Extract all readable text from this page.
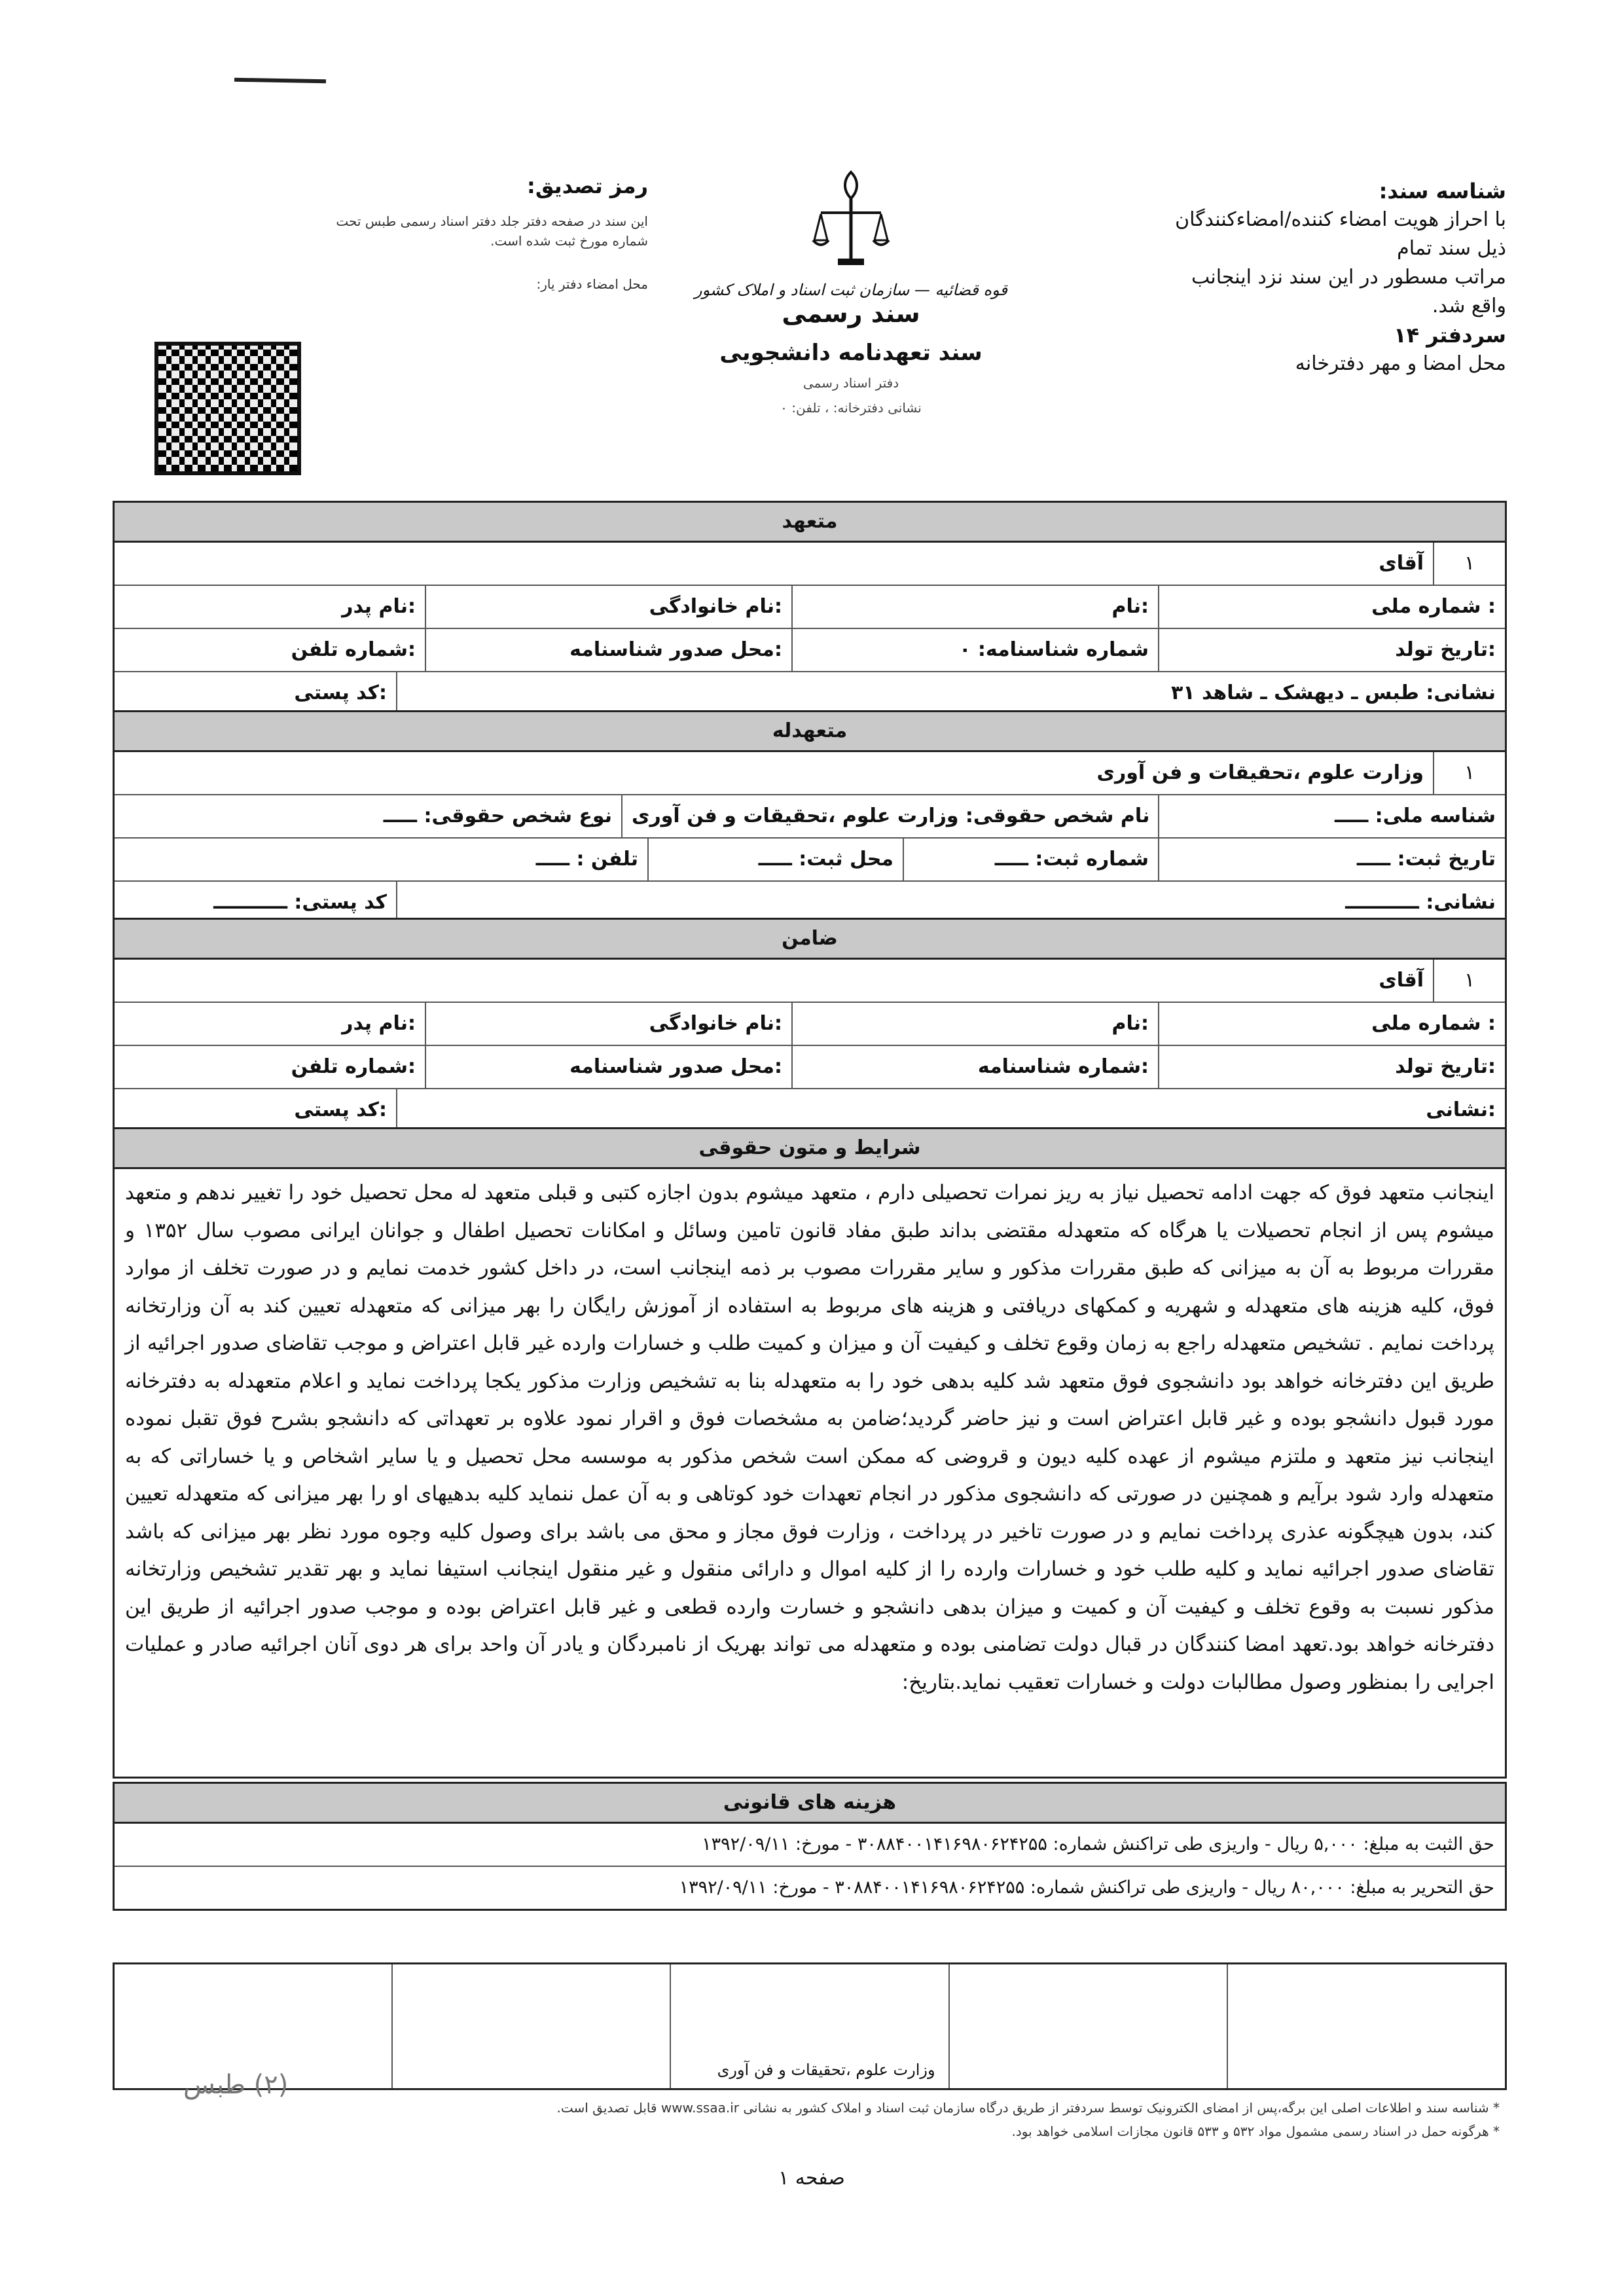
شناسه سند:
با احراز هویت امضاء کننده/امضاءکنندگان ذیل سند تمام
مراتب مسطور در این سند نزد اینجانب واقع شد.
سردفتر ۱۴
محل امضا و مهر دفترخانه
رمز تصدیق:
این سند در صفحه دفتر جلد دفتر اسناد رسمی طبس تحت
شماره مورخ ثبت شده است.
محل امضاء دفتر یار:	قوه قضائیه — سازمان ثبت اسناد و املاک کشور
سند رسمی
سند تعهدنامه دانشجویی
دفتر اسناد رسمی
نشانی دفترخانه: ، تلفن: ۰
متعهد
۱
آقای
شماره ملی :
نام:
نام خانوادگی:
نام پدر:
تاریخ تولد:
شماره شناسنامه: ۰
محل صدور شناسنامه:
شماره تلفن:
نشانی: طبس ـ دیهشک ـ شاهد ۳۱
کد پستی:
متعهدله
۱
وزارت علوم ،تحقیقات و فن آوری
شناسه ملی: ـــــ
نام شخص حقوقی: وزارت علوم ،تحقیقات و فن آوری
نوع شخص حقوقی: ـــــ
تاریخ ثبت: ـــــ
شماره ثبت: ـــــ
محل ثبت: ـــــ
تلفن : ـــــ
نشانی: ـــــــــــ
کد پستی: ـــــــــــ
ضامن
۱
آقای
شماره ملی :
نام:
نام خانوادگی:
نام پدر:
تاریخ تولد:
شماره شناسنامه:
محل صدور شناسنامه:
شماره تلفن:
نشانی:
کد پستی:
شرایط و متون حقوقی
اینجانب متعهد فوق که جهت ادامه تحصیل نیاز به ریز نمرات تحصیلی دارم ، متعهد میشوم بدون اجازه کتبی و قبلی متعهد له محل تحصیل خود را تغییر ندهم و متعهد میشوم پس از انجام تحصیلات یا هرگاه که متعهدله مقتضی بداند طبق مفاد قانون تامین وسائل و امکانات تحصیل اطفال و جوانان ایرانی مصوب سال ۱۳۵۲ و مقررات مربوط به آن به میزانی که طبق مقررات مذکور و سایر مقررات مصوب بر ذمه اینجانب است، در داخل کشور خدمت نمایم و در صورت تخلف از موارد فوق، کلیه هزینه های متعهدله و شهریه و کمکهای دریافتی و هزینه های مربوط به استفاده از آموزش رایگان را بهر میزانی که متعهدله تعیین کند به آن وزارتخانه پرداخت نمایم . تشخیص متعهدله راجع به زمان وقوع تخلف و کیفیت آن و میزان و کمیت طلب و خسارات وارده غیر قابل اعتراض و موجب تقاضای صدور اجرائیه از طریق این دفترخانه خواهد بود دانشجوی فوق متعهد شد کلیه بدهی خود را به متعهدله بنا به تشخیص وزارت مذکور یکجا پرداخت نماید و اعلام متعهدله به دفترخانه مورد قبول دانشجو بوده و غیر قابل اعتراض است و نیز حاضر گردید؛ضامن به مشخصات فوق و اقرار نمود علاوه بر تعهداتی که دانشجو بشرح فوق تقبل نموده اینجانب نیز متعهد و ملتزم میشوم از عهده کلیه دیون و قروضی که ممکن است شخص مذکور به موسسه محل تحصیل و یا سایر اشخاص و یا خساراتی که به متعهدله وارد شود برآیم و همچنین در صورتی که دانشجوی مذکور در انجام تعهدات خود کوتاهی و به آن عمل ننماید کلیه بدهیهای او را بهر میزانی که متعهدله تعیین کند، بدون هیچگونه عذری پرداخت نمایم و در صورت تاخیر در پرداخت ، وزارت فوق مجاز و محق می باشد برای وصول کلیه وجوه مورد نظر بهر میزانی که باشد تقاضای صدور اجرائیه نماید و کلیه طلب خود و خسارات وارده را از کلیه اموال و دارائی منقول و غیر منقول اینجانب استیفا نماید و بهر تقدیر تشخیص وزارتخانه مذکور نسبت به وقوع تخلف و کیفیت آن و کمیت و میزان بدهی دانشجو و خسارت وارده قطعی و غیر قابل اعتراض بوده و موجب صدور اجرائیه از طریق این دفترخانه خواهد بود.تعهد امضا کنندگان در قبال دولت تضامنی بوده و متعهدله می تواند بهریک از نامبردگان و یادر آن واحد برای هر دوی آنان اجرائیه صادر و عملیات اجرایی را بمنظور وصول مطالبات دولت و خسارات تعقیب نماید.بتاریخ:
هزینه های قانونی
حق الثبت به مبلغ: ۵,۰۰۰ ریال - واریزی طی تراکنش شماره: ۳۰۸۸۴۰۰۱۴۱۶۹۸۰۶۲۴۲۵۵ - مورخ: ۱۳۹۲/۰۹/۱۱
حق التحریر به مبلغ: ۸۰,۰۰۰ ریال - واریزی طی تراکنش شماره: ۳۰۸۸۴۰۰۱۴۱۶۹۸۰۶۲۴۲۵۵ - مورخ: ۱۳۹۲/۰۹/۱۱
وزارت علوم ،تحقیقات و فن آوری
(۲) طبس
* شناسه سند و اطلاعات اصلی این برگه،پس از امضای الکترونیک توسط سردفتر از طریق درگاه سازمان ثبت اسناد و املاک کشور به نشانی www.ssaa.ir قابل تصدیق است.
* هرگونه حمل در اسناد رسمی مشمول مواد ۵۳۲ و ۵۳۳ قانون مجازات اسلامی خواهد بود.
صفحه ۱
